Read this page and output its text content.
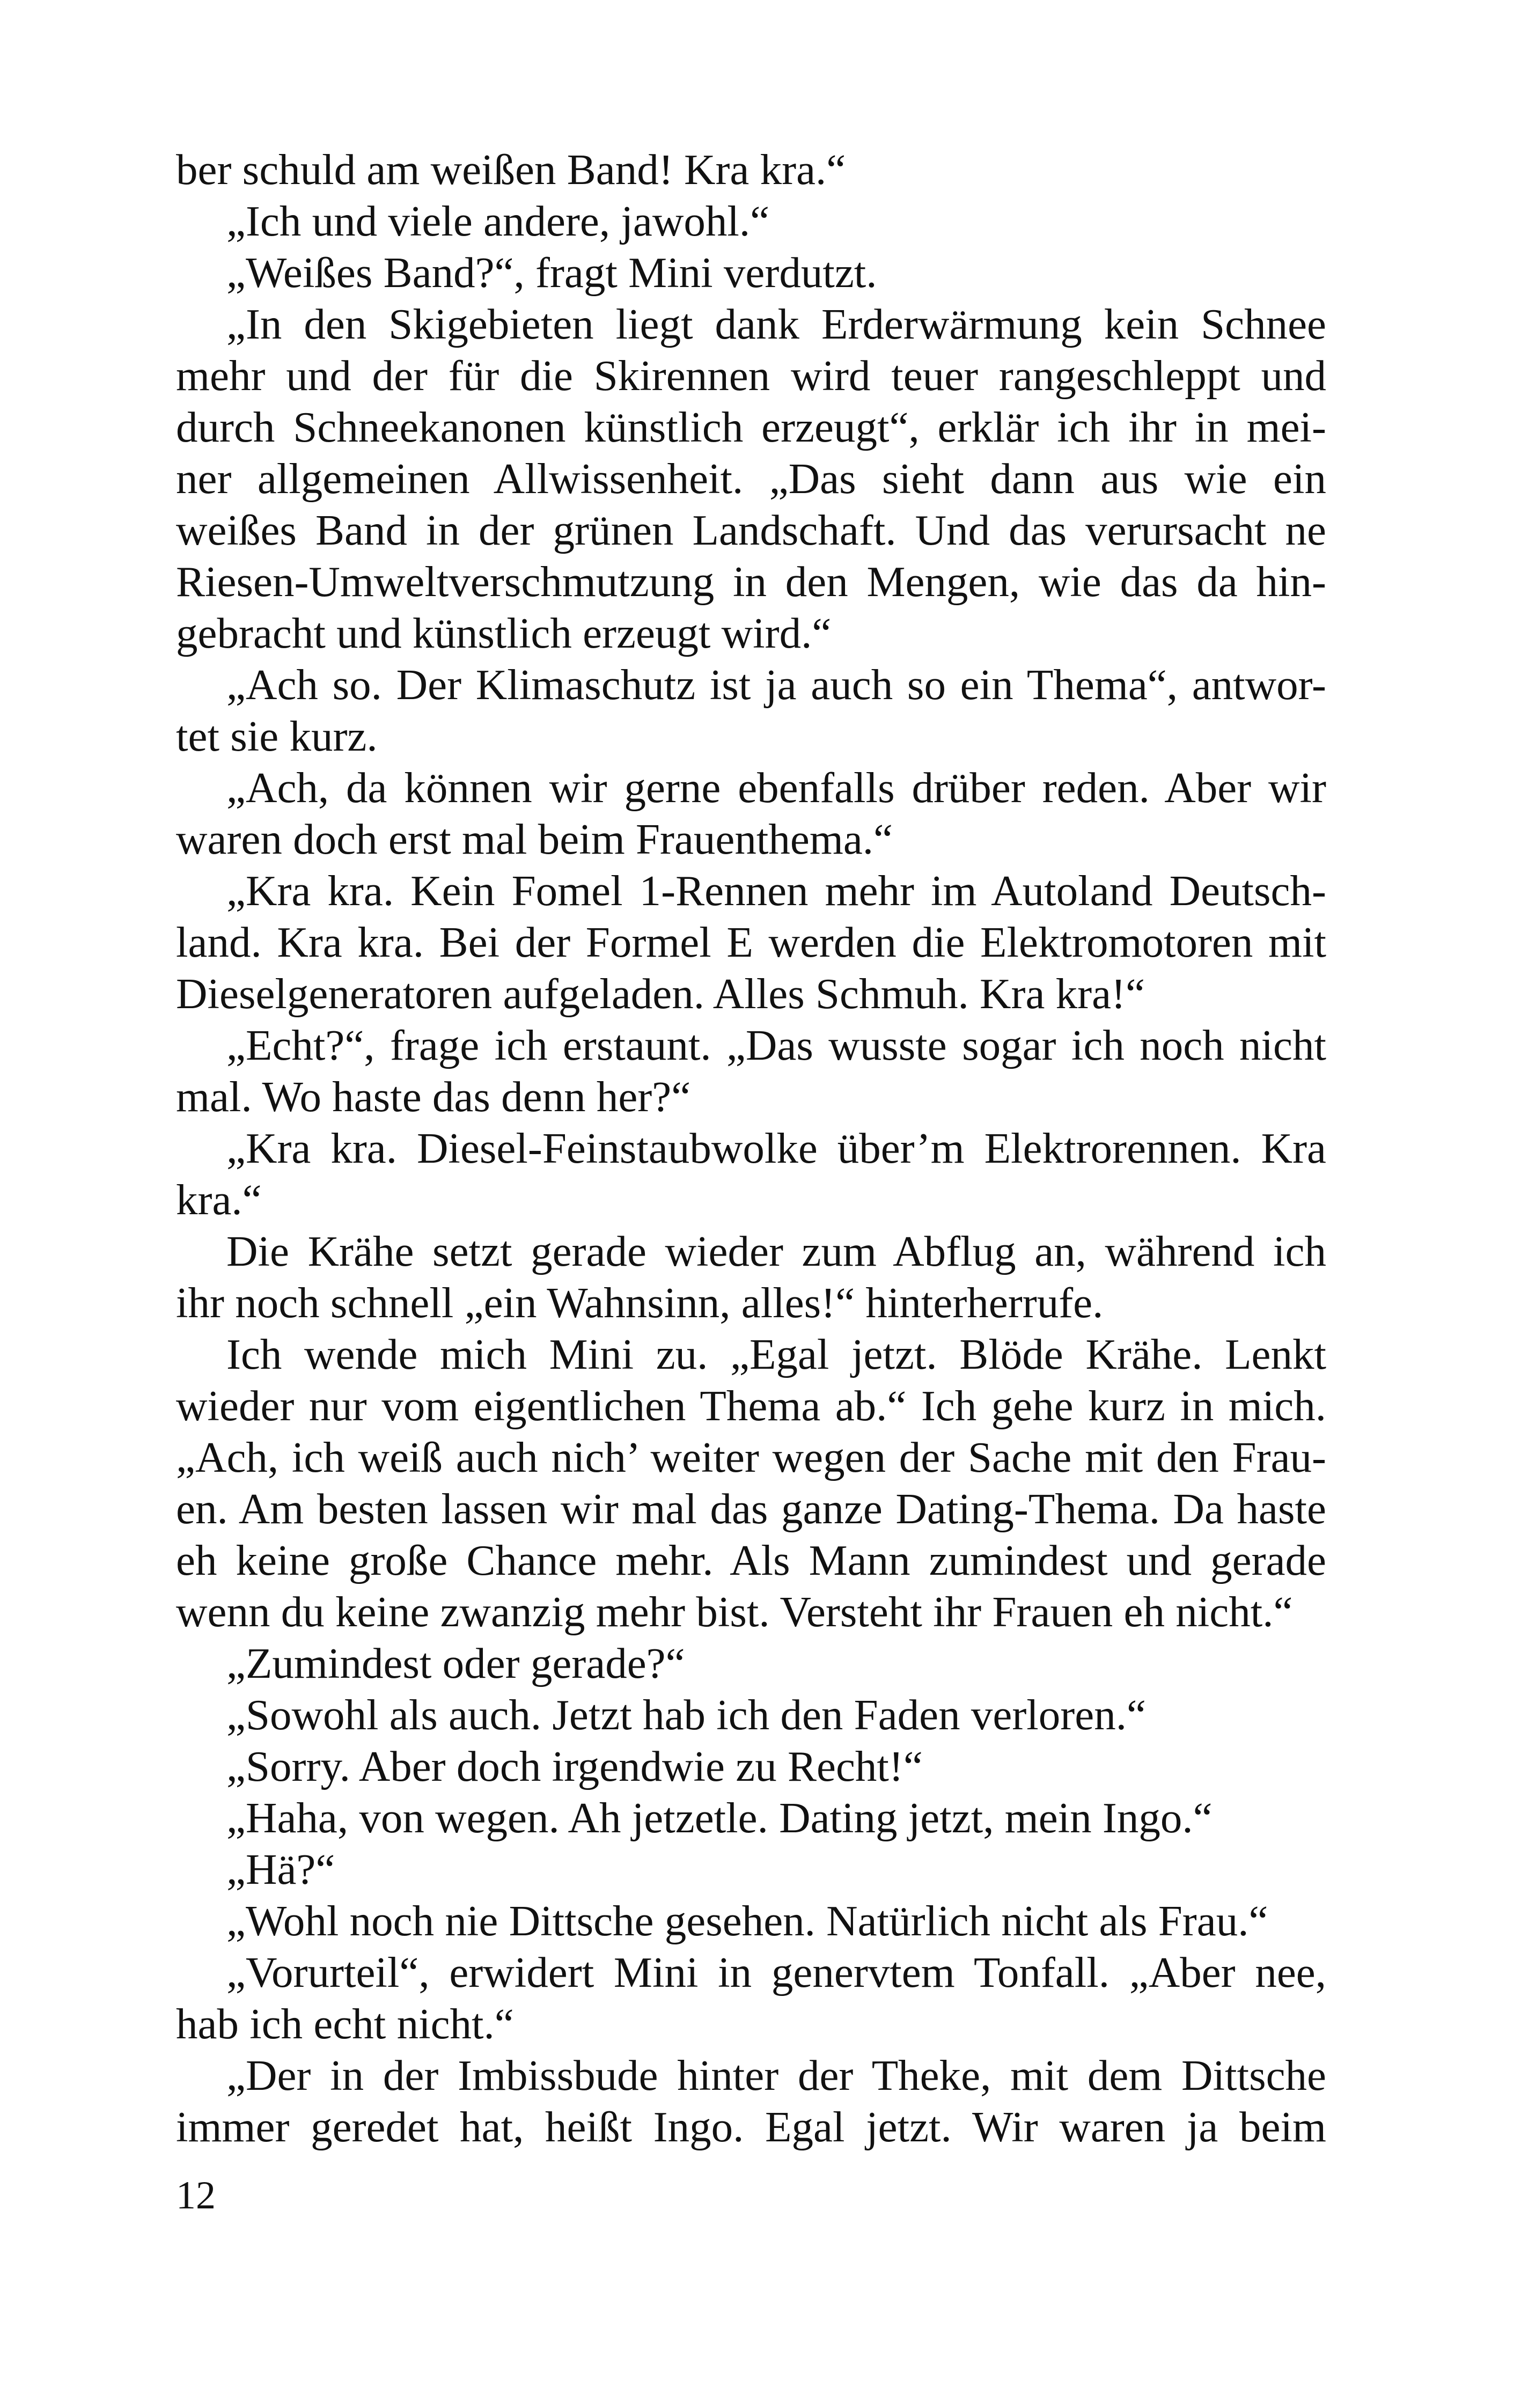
ber schuld am weißen Band! Kra kra.“
„Ich und viele andere, jawohl.“
„Weißes Band?“, fragt Mini verdutzt.
„In den Skigebieten liegt dank Erderwärmung kein Schnee
mehr und der für die Skirennen wird teuer rangeschleppt und
durch Schneekanonen künstlich erzeugt“, erklär ich ihr in mei-
ner allgemeinen Allwissenheit. „Das sieht dann aus wie ein
weißes Band in der grünen Landschaft. Und das verursacht ne
Riesen-Umweltverschmutzung in den Mengen, wie das da hin-
gebracht und künstlich erzeugt wird.“
„Ach so. Der Klimaschutz ist ja auch so ein Thema“, antwor-
tet sie kurz.
„Ach, da können wir gerne ebenfalls drüber reden. Aber wir
waren doch erst mal beim Frauenthema.“
„Kra kra. Kein Fomel 1-Rennen mehr im Autoland Deutsch-
land. Kra kra. Bei der Formel E werden die Elektromotoren mit
Dieselgeneratoren aufgeladen. Alles Schmuh. Kra kra!“
„Echt?“, frage ich erstaunt. „Das wusste sogar ich noch nicht
mal. Wo haste das denn her?“
„Kra kra. Diesel-Feinstaubwolke über’m Elektrorennen. Kra
kra.“
Die Krähe setzt gerade wieder zum Abflug an, während ich
ihr noch schnell „ein Wahnsinn, alles!“ hinterherrufe.
Ich wende mich Mini zu. „Egal jetzt. Blöde Krähe. Lenkt
wieder nur vom eigentlichen Thema ab.“ Ich gehe kurz in mich.
„Ach, ich weiß auch nich’ weiter wegen der Sache mit den Frau-
en. Am besten lassen wir mal das ganze Dating-Thema. Da haste
eh keine große Chance mehr. Als Mann zumindest und gerade
wenn du keine zwanzig mehr bist. Versteht ihr Frauen eh nicht.“
„Zumindest oder gerade?“
„Sowohl als auch. Jetzt hab ich den Faden verloren.“
„Sorry. Aber doch irgendwie zu Recht!“
„Haha, von wegen. Ah jetzetle. Dating jetzt, mein Ingo.“
„Hä?“
„Wohl noch nie Dittsche gesehen. Natürlich nicht als Frau.“
„Vorurteil“, erwidert Mini in genervtem Tonfall. „Aber nee,
hab ich echt nicht.“
„Der in der Imbissbude hinter der Theke, mit dem Dittsche
immer geredet hat, heißt Ingo. Egal jetzt. Wir waren ja beim
12
